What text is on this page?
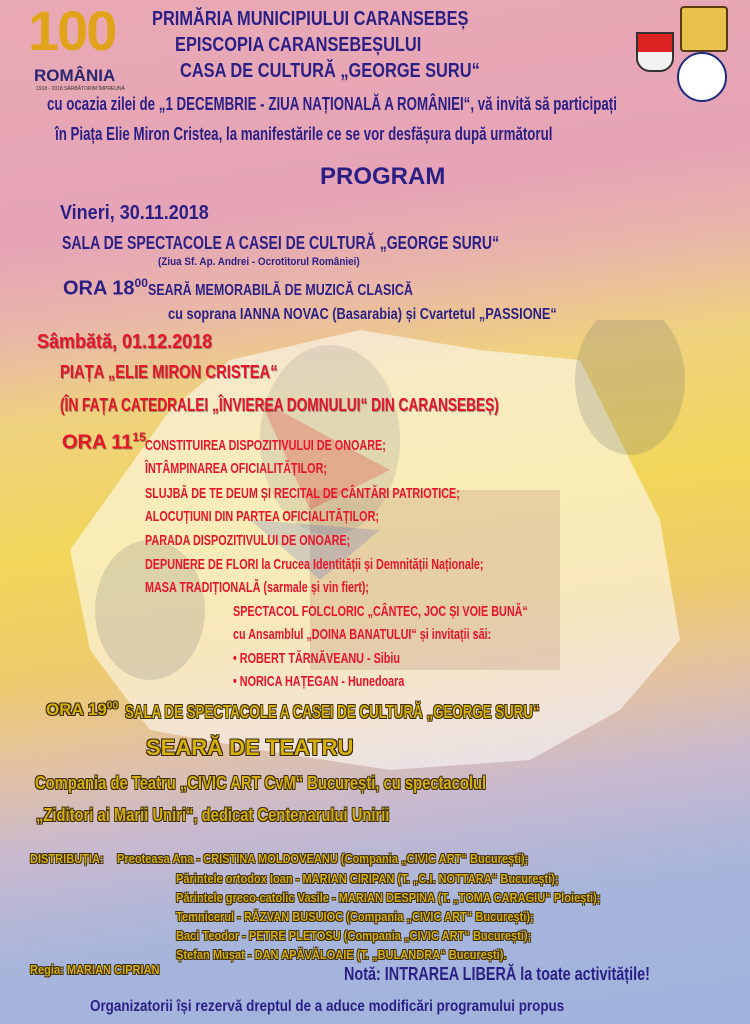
100
ROMÂNIA
1918 - 2018 SĂRBĂTORIM ÎMPREUNĂ
PRIMĂRIA MUNICIPIULUI CARANSEBEȘ
EPISCOPIA CARANSEBEȘULUI
CASA DE CULTURĂ „GEORGE SURU“
cu ocazia zilei de „1 DECEMBRIE - ZIUA NAȚIONALĂ A ROMÂNIEI“, vă invită să participați
în Piața Elie Miron Cristea, la manifestările ce se vor desfășura după următorul
PROGRAM
Vineri, 30.11.2018
SALA DE SPECTACOLE A CASEI DE CULTURĂ „GEORGE SURU“
(Ziua Sf. Ap. Andrei - Ocrotitorul României)
ORA $18^{00}$ SEARĂ MEMORABILĂ DE MUZICĂ CLASICĂ
cu soprana IANNA NOVAC (Basarabia) și Cvartetul „PASSIONE“
Sâmbătă, 01.12.2018
PIAȚA „ELIE MIRON CRISTEA“
(ÎN FAȚA CATEDRALEI „ÎNVIEREA DOMNULUI“ DIN CARANSEBEȘ)
ORA $11^{15}$ CONSTITUIREA DISPOZITIVULUI DE ONOARE;
ÎNTÂMPINAREA OFICIALITĂȚILOR;
SLUJBĂ DE TE DEUM ȘI RECITAL DE CÂNTĂRI PATRIOTICE;
ALOCUȚIUNI DIN PARTEA OFICIALITĂȚILOR;
PARADA DISPOZITIVULUI DE ONOARE;
DEPUNERE DE FLORI la Crucea Identității și Demnității Naționale;
MASA TRADIȚIONALĂ (sarmale și vin fiert);
SPECTACOL FOLCLORIC „CÂNTEC, JOC ȘI VOIE BUNĂ“
cu Ansamblul „DOINA BANATULUI“ și invitații săi:
• ROBERT TĂRNĂVEANU - Sibiu
• NORICA HAȚEGAN - Hunedoara
ORA $19^{00}$ SALA DE SPECTACOLE A CASEI DE CULTURĂ „GEORGE SURU“
SEARĂ DE TEATRU
Compania de Teatru „CIVIC ART CvM“ București, cu spectacolul
„Ziditori ai Marii Uniri“, dedicat Centenarului Unirii
DISTRIBUȚIA: Preoteasa Ana - CRISTINA MOLDOVEANU (Compania „CIVIC ART“ București);
Părintele ortodox Ioan - MARIAN CIRIPAN (T. „C.I. NOTTARA“ București);
Părintele greco-catolic Vasile - MARIAN DESPINA (T. „TOMA CARAGIU“ Ploiești);
Temnicerul - RĂZVAN BUSUIOC (Compania „CIVIC ART“ București);
Baci Teodor - PETRE PLETOSU (Compania „CIVIC ART“ București);
Ștefan Mușat - DAN APĂVĂLOAIE (T. „BULANDRA“ București).
Regia: MARIAN CIPRIAN	Notă: INTRAREA LIBERĂ la toate activitățile!
Organizatorii își rezervă dreptul de a aduce modificări programului propus
